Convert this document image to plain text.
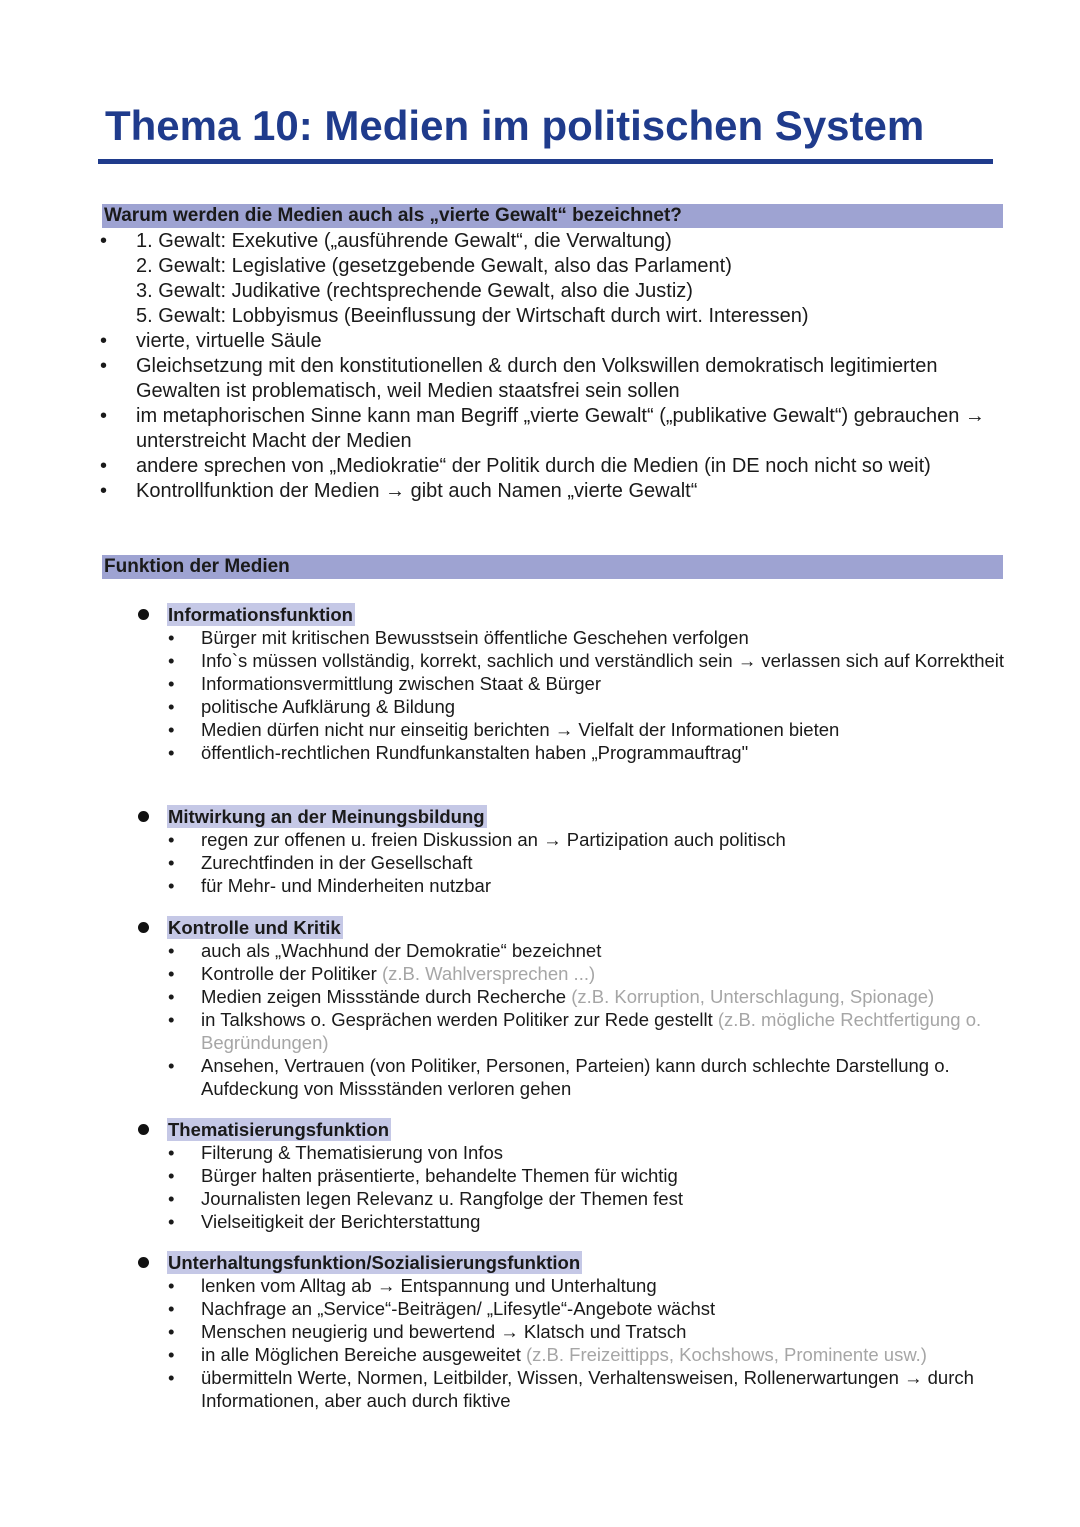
Thema 10: Medien im politischen System
Warum werden die Medien auch als „vierte Gewalt“ bezeichnet?
• 1. Gewalt: Exekutive („ausführende Gewalt“, die Verwaltung)
2. Gewalt: Legislative (gesetzgebende Gewalt, also das Parlament)
3. Gewalt: Judikative (rechtsprechende Gewalt, also die Justiz)
5. Gewalt: Lobbyismus (Beeinflussung der Wirtschaft durch wirt. Interessen)
• vierte, virtuelle Säule
• Gleichsetzung mit den konstitutionellen & durch den Volkswillen demokratisch legitimierten Gewalten ist problematisch, weil Medien staatsfrei sein sollen
• im metaphorischen Sinne kann man Begriff „vierte Gewalt“ („publikative Gewalt“) gebrauchen → unterstreicht Macht der Medien
• andere sprechen von „Mediokratie“ der Politik durch die Medien (in DE noch nicht so weit)
• Kontrollfunktion der Medien → gibt auch Namen „vierte Gewalt“
Funktion der Medien
Informationsfunktion
• Bürger mit kritischen Bewusstsein öffentliche Geschehen verfolgen
• Info`s müssen vollständig, korrekt, sachlich und verständlich sein → verlassen sich auf Korrektheit
• Informationsvermittlung zwischen Staat & Bürger
• politische Aufklärung & Bildung
• Medien dürfen nicht nur einseitig berichten → Vielfalt der Informationen bieten
• öffentlich-rechtlichen Rundfunkanstalten haben „Programmauftrag"
Mitwirkung an der Meinungsbildung
• regen zur offenen u. freien Diskussion an → Partizipation auch politisch
• Zurechtfinden in der Gesellschaft
• für Mehr- und Minderheiten nutzbar
Kontrolle und Kritik
• auch als „Wachhund der Demokratie“ bezeichnet
• Kontrolle der Politiker (z.B. Wahlversprechen ...)
• Medien zeigen Missstände durch Recherche (z.B. Korruption, Unterschlagung, Spionage)
• in Talkshows o. Gesprächen werden Politiker zur Rede gestellt (z.B. mögliche Rechtfertigung o. Begründungen)
• Ansehen, Vertrauen (von Politiker, Personen, Parteien) kann durch schlechte Darstellung o. Aufdeckung von Missständen verloren gehen
Thematisierungsfunktion
• Filterung & Thematisierung von Infos
• Bürger halten präsentierte, behandelte Themen für wichtig
• Journalisten legen Relevanz u. Rangfolge der Themen fest
• Vielseitigkeit der Berichterstattung
Unterhaltungsfunktion/Sozialisierungsfunktion
• lenken vom Alltag ab → Entspannung und Unterhaltung
• Nachfrage an „Service“-Beiträgen/ „Lifesytle“-Angebote wächst
• Menschen neugierig und bewertend → Klatsch und Tratsch
• in alle Möglichen Bereiche ausgeweitet (z.B. Freizeittipps, Kochshows, Prominente usw.)
• übermitteln Werte, Normen, Leitbilder, Wissen, Verhaltensweisen, Rollenerwartungen → durch Informationen, aber auch durch fiktive
